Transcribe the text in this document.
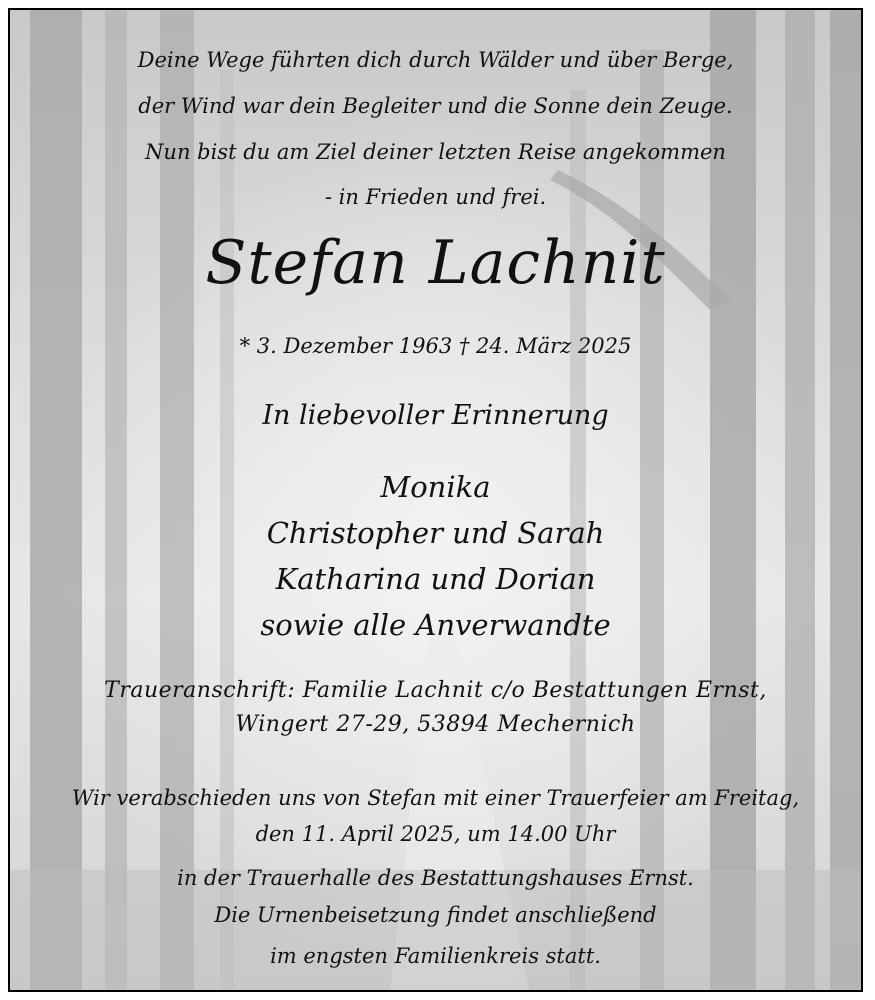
Deine Wege führten dich durch Wälder und über Berge,
der Wind war dein Begleiter und die Sonne dein Zeuge.
Nun bist du am Ziel deiner letzten Reise angekommen
- in Frieden und frei.
Stefan Lachnit
* 3. Dezember 1963 † 24. März 2025
In liebevoller Erinnerung
Monika
Christopher und Sarah
Katharina und Dorian
sowie alle Anverwandte
Traueranschrift: Familie Lachnit c/o Bestattungen Ernst,
Wingert 27-29, 53894 Mechernich
Wir verabschieden uns von Stefan mit einer Trauerfeier am Freitag,
den 11. April 2025, um 14.00 Uhr
in der Trauerhalle des Bestattungshauses Ernst.
Die Urnenbeisetzung findet anschließend
im engsten Familienkreis statt.
